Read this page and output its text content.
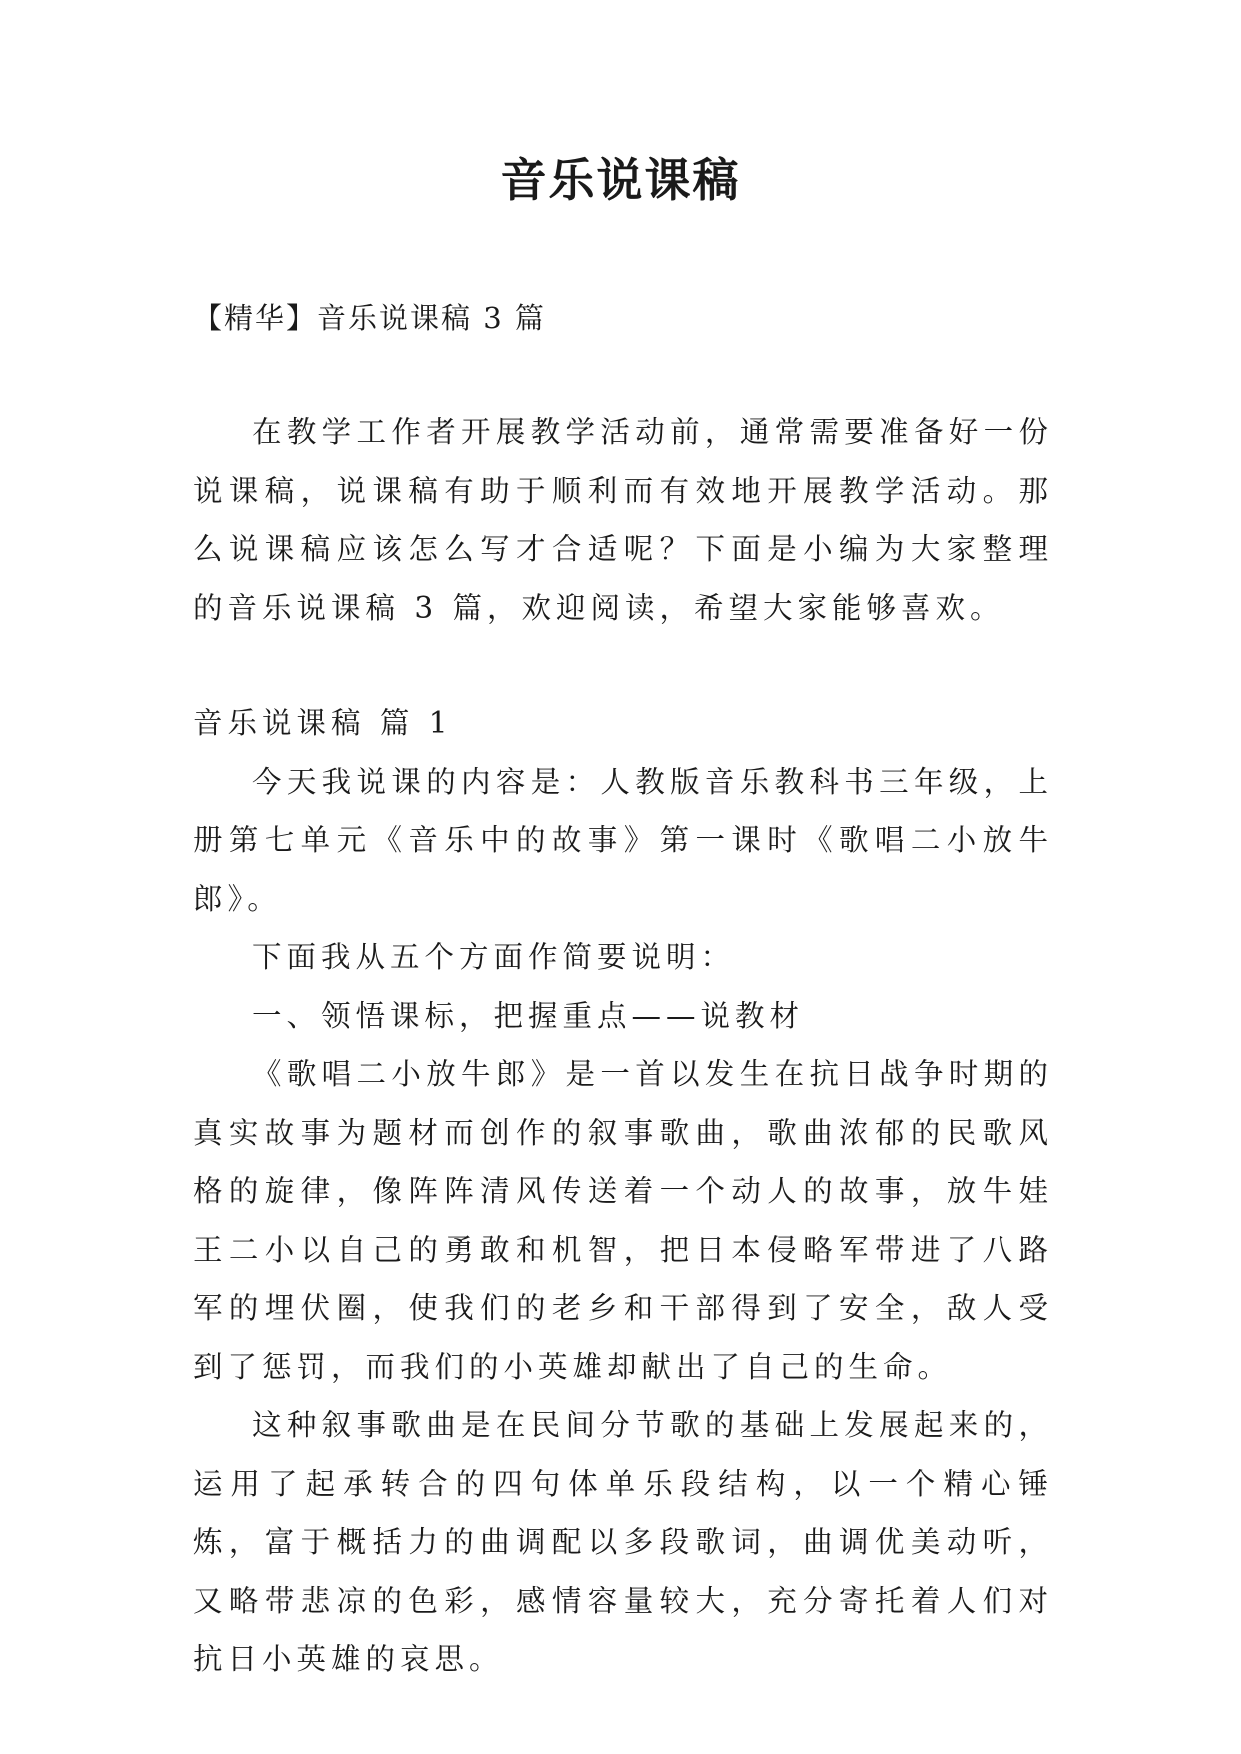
音乐说课稿
【精华】音乐说课稿 3 篇

在教学工作者开展教学活动前，通常需要准备好一份说课稿，说课稿有助于顺利而有效地开展教学活动。那么说课稿应该怎么写才合适呢？下面是小编为大家整理的音乐说课稿 3 篇，欢迎阅读，希望大家能够喜欢。

音乐说课稿 篇 1

今天我说课的内容是：人教版音乐教科书三年级，上册第七单元《音乐中的故事》第一课时《歌唱二小放牛郎》。

下面我从五个方面作简要说明：

一、领悟课标，把握重点——说教材

《歌唱二小放牛郎》是一首以发生在抗日战争时期的真实故事为题材而创作的叙事歌曲，歌曲浓郁的民歌风格的旋律，像阵阵清风传送着一个动人的故事，放牛娃王二小以自己的勇敢和机智，把日本侵略军带进了八路军的埋伏圈，使我们的老乡和干部得到了安全，敌人受到了惩罚，而我们的小英雄却献出了自己的生命。

这种叙事歌曲是在民间分节歌的基础上发展起来的，运用了起承转合的四句体单乐段结构，以一个精心锤炼，富于概括力的曲调配以多段歌词，曲调优美动听，又略带悲凉的色彩，感情容量较大，充分寄托着人们对抗日小英雄的哀思。
